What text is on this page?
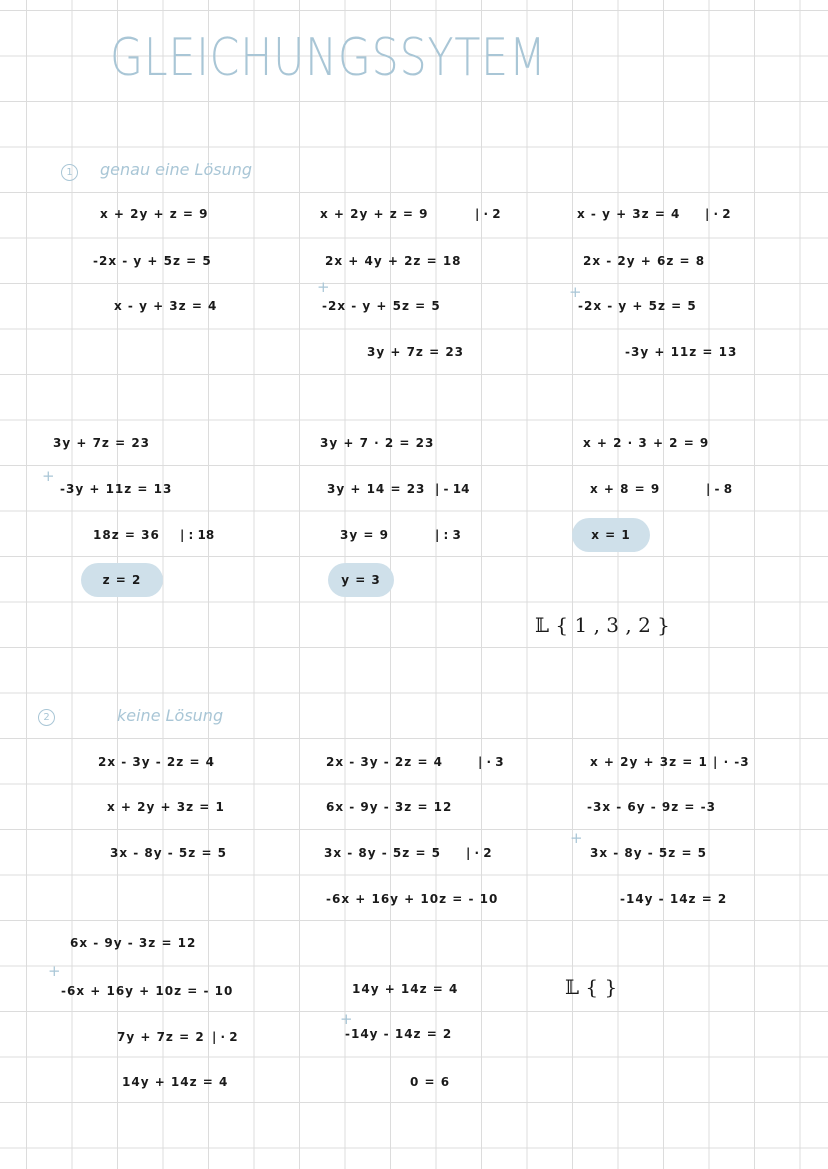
GLEICHUNGSSYTEM
1	genau eine Lösung
x + 2y + z = 9
-2x - y + 5z = 5
x - y + 3z = 4
x + 2y + z = 9	| · 2
2x + 4y + 2z = 18
+
-2x - y + 5z = 5
3y + 7z = 23
x - y + 3z = 4 | · 2
2x - 2y + 6z = 8
+
-2x - y + 5z = 5
-3y + 11z = 13
3y + 7z = 23
+
-3y + 11z = 13
18z = 36 | : 18
z = 2
3y + 7 · 2 = 23
3y + 14 = 23 | - 14
3y = 9	| : 3
y = 3
x + 2 · 3 + 2 = 9
x + 8 = 9	| - 8
x = 1
𝕃 { 1 , 3 , 2 }
2	keine Lösung
2x - 3y - 2z = 4
x + 2y + 3z = 1
3x - 8y - 5z = 5
2x - 3y - 2z = 4	| · 3
6x - 9y - 3z = 12
3x - 8y - 5z = 5 | · 2
-6x + 16y + 10z = - 10
x + 2y + 3z = 1 | · -3
-3x - 6y - 9z = -3
+
3x - 8y - 5z = 5
-14y - 14z = 2
6x - 9y - 3z = 12
+
-6x + 16y + 10z = - 10
7y + 7z = 2 | · 2
14y + 14z = 4
14y + 14z = 4
+
-14y - 14z = 2
0 = 6
𝕃 { }
